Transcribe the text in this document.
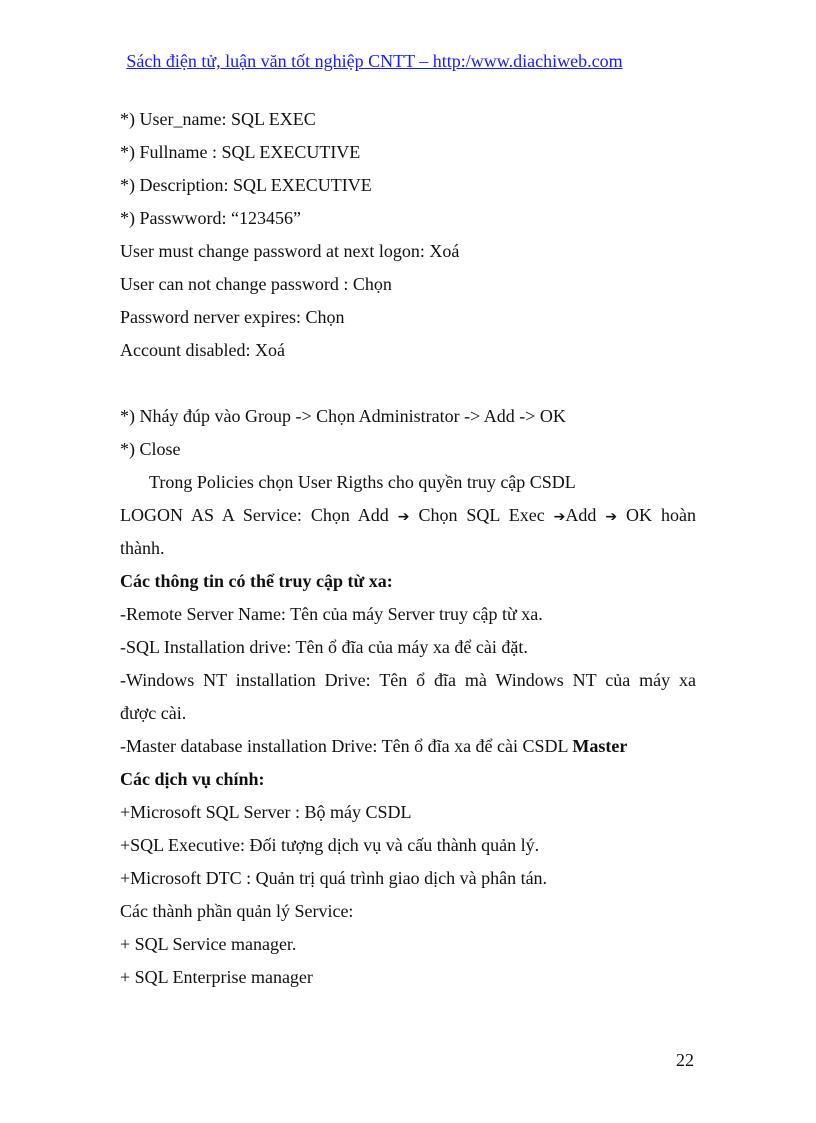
Sách điện tử, luận văn tốt nghiệp CNTT – http:/www.diachiweb.com
*) User_name: SQL EXEC
*) Fullname : SQL EXECUTIVE
*) Description: SQL EXECUTIVE
*) Passwword: “123456”
User must change password at next logon: Xoá
User can not change password : Chọn
Password nerver expires: Chọn
Account disabled: Xoá
*) Nháy đúp vào Group -> Chọn Administrator -> Add -> OK
*) Close
Trong Policies chọn User Rigths cho quyền truy cập CSDL
LOGON AS A Service: Chọn Add ➔ Chọn SQL Exec ➔Add ➔ OK hoàn
thành.
Các thông tin có thể truy cập từ xa:
-Remote Server Name: Tên của máy Server truy cập từ xa.
-SQL Installation drive: Tên ổ đĩa của máy xa để cài đặt.
-Windows NT installation Drive: Tên ổ đĩa mà Windows NT của máy xa
được cài.
-Master database installation Drive: Tên ổ đĩa xa để cài CSDL Master
Các dịch vụ chính:
+Microsoft SQL Server : Bộ máy CSDL
+SQL Executive: Đối tượng dịch vụ và cấu thành quản lý.
+Microsoft DTC : Quản trị quá trình giao dịch và phân tán.
Các thành phần quản lý Service:
+ SQL Service manager.
+ SQL Enterprise manager
22
